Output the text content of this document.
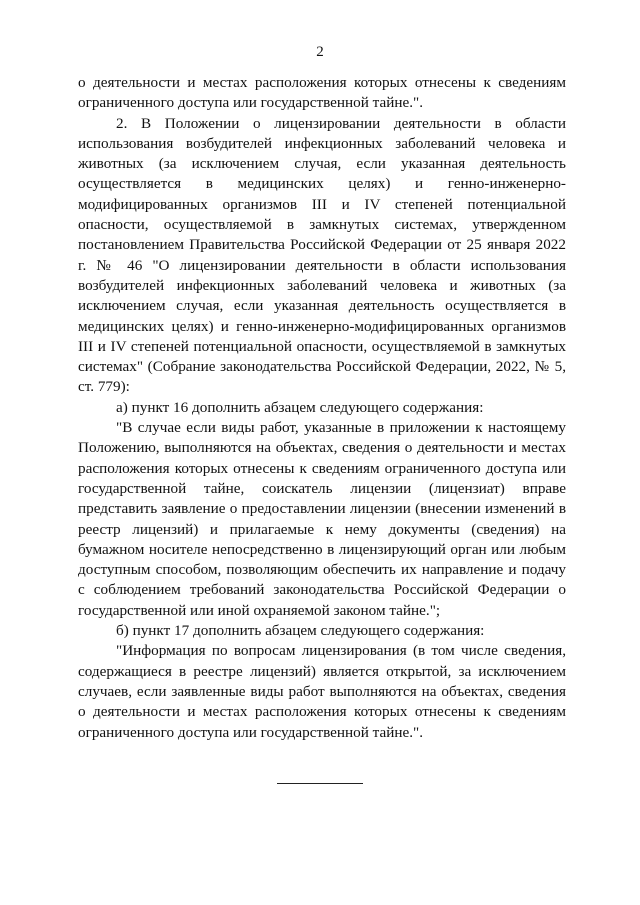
2

о деятельности и местах расположения которых отнесены к сведениям ограниченного доступа или государственной тайне.".

2. В Положении о лицензировании деятельности в области использования возбудителей инфекционных заболеваний человека и животных (за исключением случая, если указанная деятельность осуществляется в медицинских целях) и генно-инженерно-модифицированных организмов III и IV степеней потенциальной опасности, осуществляемой в замкнутых системах, утвержденном постановлением Правительства Российской Федерации от 25 января 2022 г. № 46 "О лицензировании деятельности в области использования возбудителей инфекционных заболеваний человека и животных (за исключением случая, если указанная деятельность осуществляется в медицинских целях) и генно-инженерно-модифицированных организмов III и IV степеней потенциальной опасности, осуществляемой в замкнутых системах" (Собрание законодательства Российской Федерации, 2022, № 5, ст. 779):

а) пункт 16 дополнить абзацем следующего содержания:

"В случае если виды работ, указанные в приложении к настоящему Положению, выполняются на объектах, сведения о деятельности и местах расположения которых отнесены к сведениям ограниченного доступа или государственной тайне, соискатель лицензии (лицензиат) вправе представить заявление о предоставлении лицензии (внесении изменений в реестр лицензий) и прилагаемые к нему документы (сведения) на бумажном носителе непосредственно в лицензирующий орган или любым доступным способом, позволяющим обеспечить их направление и подачу с соблюдением требований законодательства Российской Федерации о государственной или иной охраняемой законом тайне.";

б) пункт 17 дополнить абзацем следующего содержания:

"Информация по вопросам лицензирования (в том числе сведения, содержащиеся в реестре лицензий) является открытой, за исключением случаев, если заявленные виды работ выполняются на объектах, сведения о деятельности и местах расположения которых отнесены к сведениям ограниченного доступа или государственной тайне.".
